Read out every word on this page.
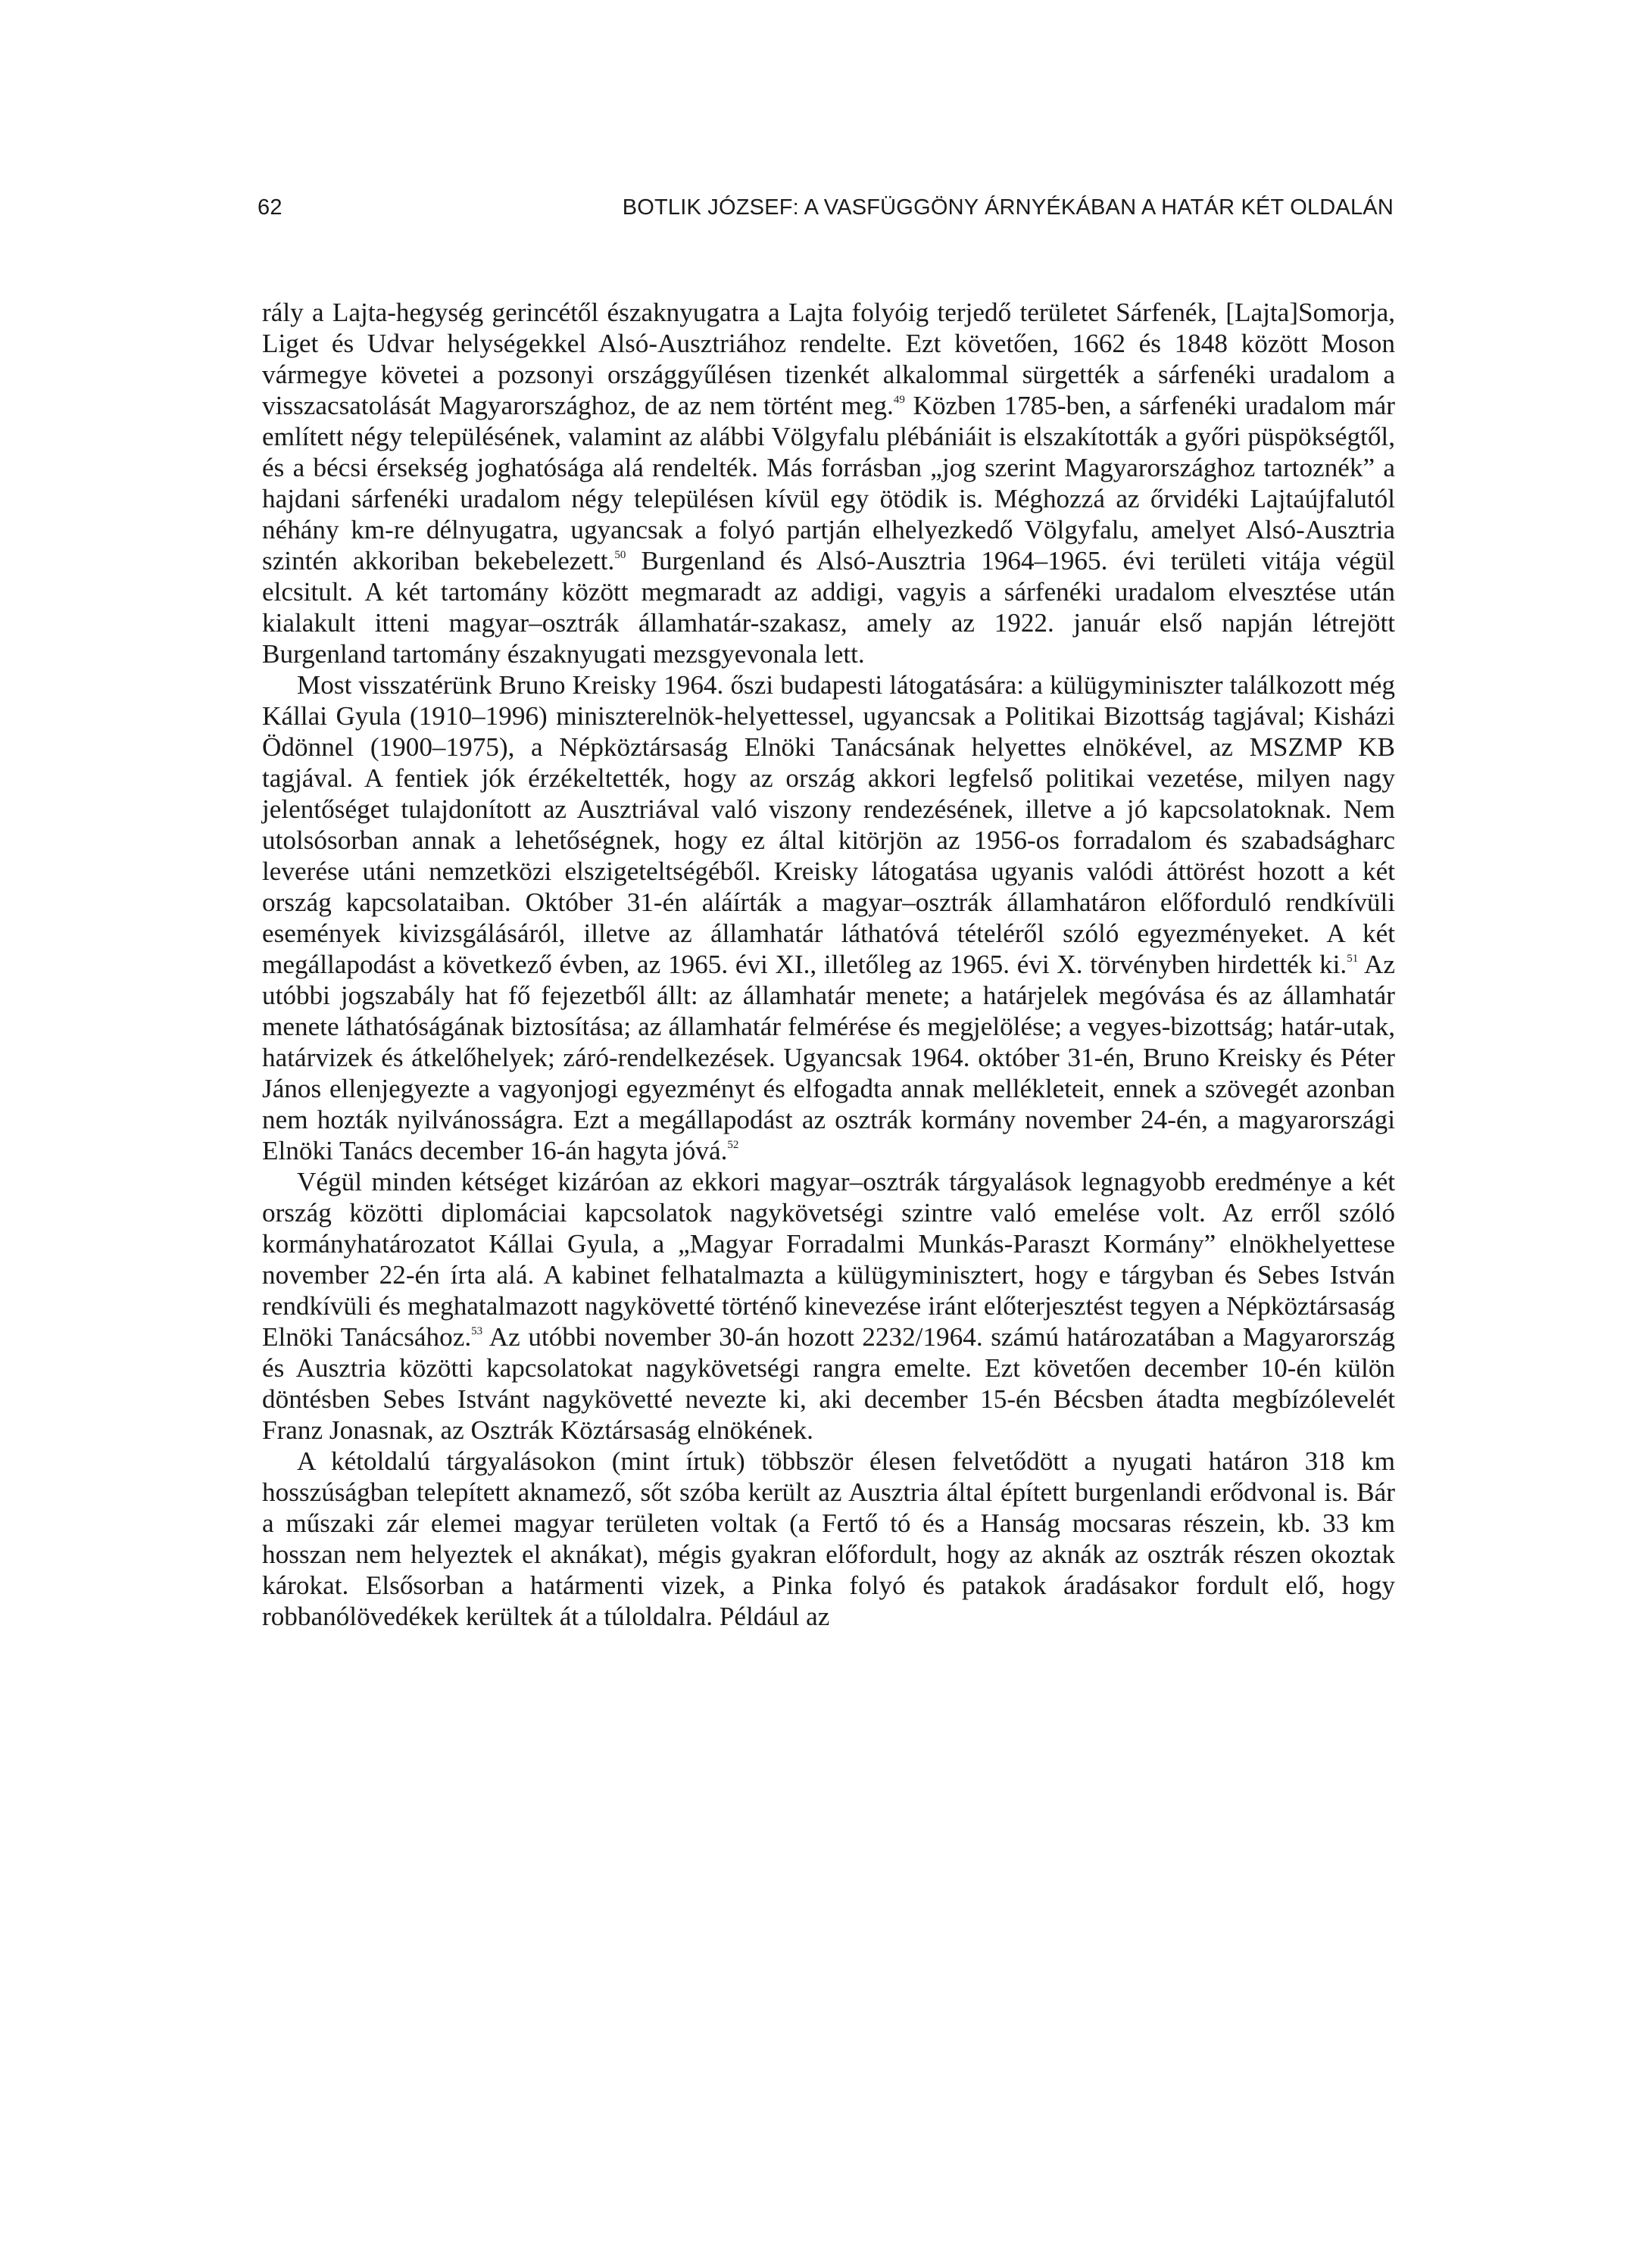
62	BOTLIK JÓZSEF: A VASFÜGGÖNY ÁRNYÉKÁBAN A HATÁR KÉT OLDALÁN

rály a Lajta-hegység gerincétől északnyugatra a Lajta folyóig terjedő területet Sárfenék, [Lajta]Somorja, Liget és Udvar helységekkel Alsó-Ausztriához rendelte. Ezt követően, 1662 és 1848 között Moson vármegye követei a pozsonyi országgyűlésen tizenkét alkalommal sürgették a sárfenéki uradalom a visszacsatolását Magyarországhoz, de az nem történt meg.$^{49}$ Közben 1785-ben, a sárfenéki uradalom már említett négy településének, valamint az alábbi Völgyfalu plébániáit is elszakították a győri püspökségtől, és a bécsi érsekség joghatósága alá rendelték. Más forrásban „jog szerint Magyarországhoz tartoznék” a hajdani sárfenéki uradalom négy településen kívül egy ötödik is. Méghozzá az őrvidéki Lajtaújfalutól néhány km-re délnyugatra, ugyancsak a folyó partján elhelyezkedő Völgyfalu, amelyet Alsó-Ausztria szintén akkoriban bekebelezett.$^{50}$ Burgenland és Alsó-Ausztria 1964–1965. évi területi vitája végül elcsitult. A két tartomány között megmaradt az addigi, vagyis a sárfenéki uradalom elvesztése után kialakult itteni magyar–osztrák államhatár-szakasz, amely az 1922. január első napján létrejött Burgenland tartomány északnyugati mezsgyevonala lett.

Most visszatérünk Bruno Kreisky 1964. őszi budapesti látogatására: a külügyminiszter találkozott még Kállai Gyula (1910–1996) miniszterelnök-helyettessel, ugyancsak a Politikai Bizottság tagjával; Kisházi Ödönnel (1900–1975), a Népköztársaság Elnöki Tanácsának helyettes elnökével, az MSZMP KB tagjával. A fentiek jók érzékeltették, hogy az ország akkori legfelső politikai vezetése, milyen nagy jelentőséget tulajdonított az Ausztriával való viszony rendezésének, illetve a jó kapcsolatoknak. Nem utolsósorban annak a lehetőségnek, hogy ez által kitörjön az 1956-os forradalom és szabadságharc leverése utáni nemzetközi elszigeteltségéből. Kreisky látogatása ugyanis valódi áttörést hozott a két ország kapcsolataiban. Október 31-én aláírták a magyar–osztrák államhatáron előforduló rendkívüli események kivizsgálásáról, illetve az államhatár láthatóvá tételéről szóló egyezményeket. A két megállapodást a következő évben, az 1965. évi XI., illetőleg az 1965. évi X. törvényben hirdették ki.$^{51}$ Az utóbbi jogszabály hat fő fejezetből állt: az államhatár menete; a határjelek megóvása és az államhatár menete láthatóságának biztosítása; az államhatár felmérése és megjelölése; a vegyes-bizottság; határ-utak, határvizek és átkelőhelyek; záró-rendelkezések. Ugyancsak 1964. október 31-én, Bruno Kreisky és Péter János ellenjegyezte a vagyonjogi egyezményt és elfogadta annak mellékleteit, ennek a szövegét azonban nem hozták nyilvánosságra. Ezt a megállapodást az osztrák kormány november 24-én, a magyarországi Elnöki Tanács december 16-án hagyta jóvá.$^{52}$

Végül minden kétséget kizáróan az ekkori magyar–osztrák tárgyalások legnagyobb eredménye a két ország közötti diplomáciai kapcsolatok nagykövetségi szintre való emelése volt. Az erről szóló kormányhatározatot Kállai Gyula, a „Magyar Forradalmi Munkás-Paraszt Kormány” elnökhelyettese november 22-én írta alá. A kabinet felhatalmazta a külügyminisztert, hogy e tárgyban és Sebes István rendkívüli és meghatalmazott nagykövetté történő kinevezése iránt előterjesztést tegyen a Népköztársaság Elnöki Tanácsához.$^{53}$ Az utóbbi november 30-án hozott 2232/1964. számú határozatában a Magyarország és Ausztria közötti kapcsolatokat nagykövetségi rangra emelte. Ezt követően december 10-én külön döntésben Sebes Istvánt nagykövetté nevezte ki, aki december 15-én Bécsben átadta megbízólevelét Franz Jonasnak, az Osztrák Köztársaság elnökének.

A kétoldalú tárgyalásokon (mint írtuk) többször élesen felvetődött a nyugati határon 318 km hosszúságban telepített aknamező, sőt szóba került az Ausztria által épített burgenlandi erődvonal is. Bár a műszaki zár elemei magyar területen voltak (a Fertő tó és a Hanság mocsaras részein, kb. 33 km hosszan nem helyeztek el aknákat), mégis gyakran előfordult, hogy az aknák az osztrák részen okoztak károkat. Elsősorban a határmenti vizek, a Pinka folyó és patakok áradásakor fordult elő, hogy robbanólövedékek kerültek át a túloldalra. Például az
